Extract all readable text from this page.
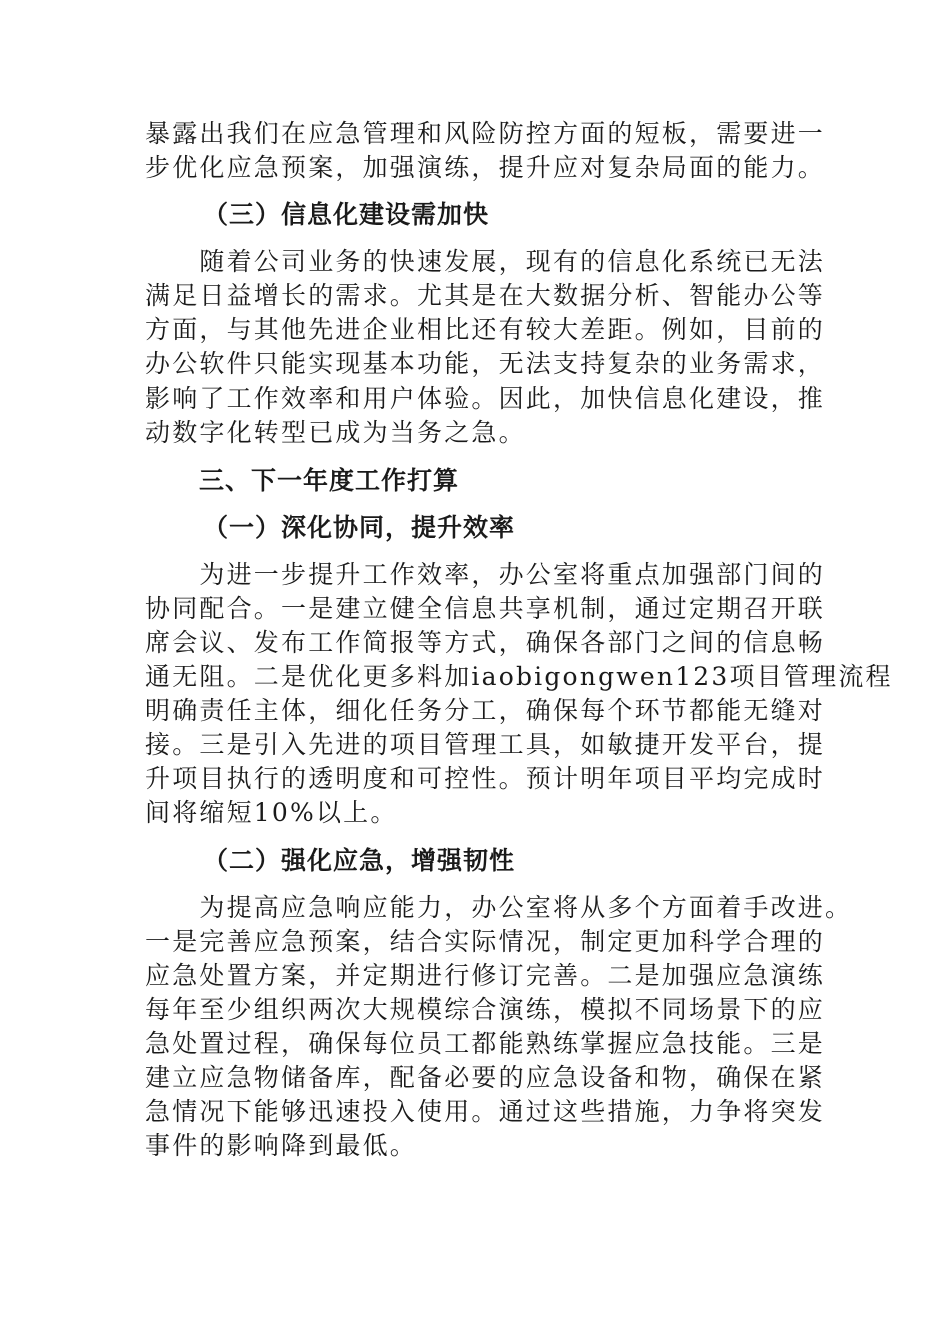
暴露出我们在应急管理和风险防控方面的短板，需要进一
步优化应急预案，加强演练，提升应对复杂局面的能力。
（三）信息化建设需加快
　　随着公司业务的快速发展，现有的信息化系统已无法
满足日益增长的需求。尤其是在大数据分析、智能办公等
方面，与其他先进企业相比还有较大差距。例如，目前的
办公软件只能实现基本功能，无法支持复杂的业务需求，
影响了工作效率和用户体验。因此，加快信息化建设，推
动数字化转型已成为当务之急。
三、下一年度工作打算
（一）深化协同，提升效率
　　为进一步提升工作效率，办公室将重点加强部门间的
协同配合。一是建立健全信息共享机制，通过定期召开联
席会议、发布工作简报等方式，确保各部门之间的信息畅
通无阻。二是优化更多料加iaobigongwen123项目管理流程
明确责任主体，细化任务分工，确保每个环节都能无缝对
接。三是引入先进的项目管理工具，如敏捷开发平台，提
升项目执行的透明度和可控性。预计明年项目平均完成时
间将缩短10%以上。
（二）强化应急，增强韧性
　　为提高应急响应能力，办公室将从多个方面着手改进。
一是完善应急预案，结合实际情况，制定更加科学合理的
应急处置方案，并定期进行修订完善。二是加强应急演练
每年至少组织两次大规模综合演练，模拟不同场景下的应
急处置过程，确保每位员工都能熟练掌握应急技能。三是
建立应急物储备库，配备必要的应急设备和物，确保在紧
急情况下能够迅速投入使用。通过这些措施，力争将突发
事件的影响降到最低。
